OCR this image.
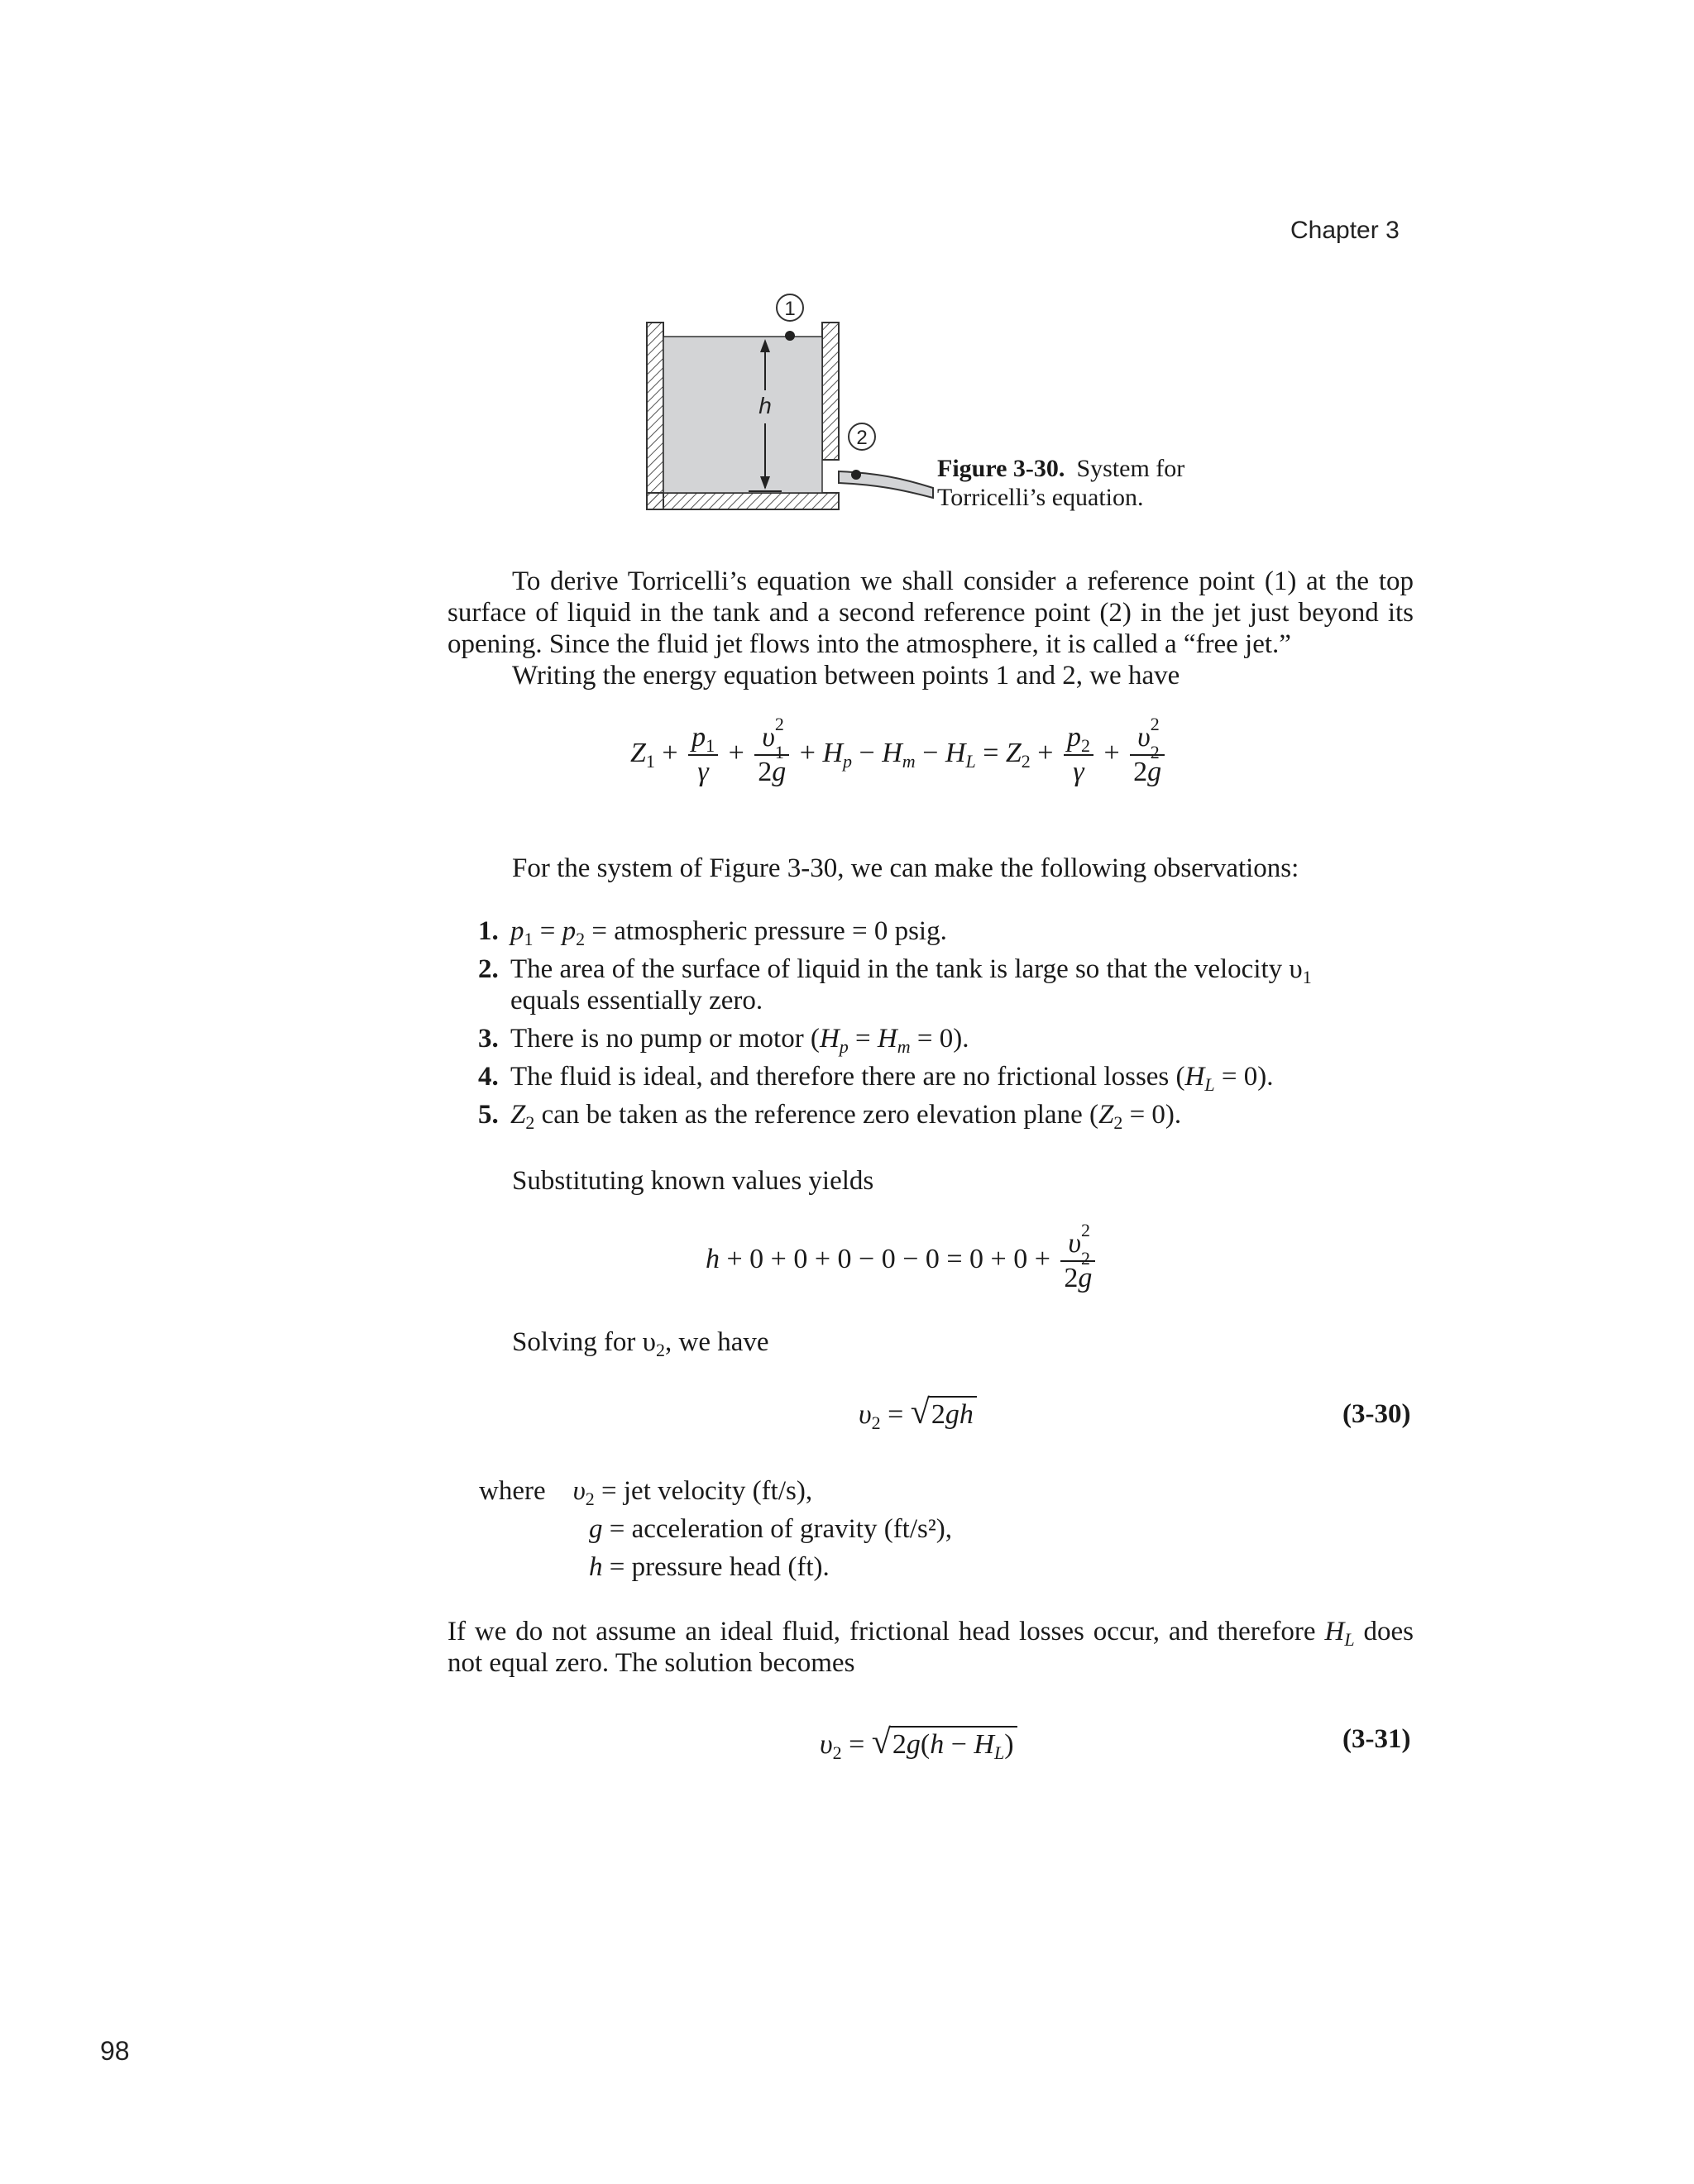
Chapter 3
h
1
2
Figure 3-30. System for Torricelli’s equation.
To derive Torricelli’s equation we shall consider a reference point (1) at the top surface of liquid in the tank and a second reference point (2) in the jet just beyond its opening. Since the fluid jet flows into the atmosphere, it is called a “free jet.”
Writing the energy equation between points 1 and 2, we have
$Z_1 + \frac{p_1}{\gamma} + \upsilon$ 2
1

$2g + H_p - H_m - H_L = Z_2 + \frac{p_2}{\gamma} + \upsilon$ 2
2

2g
For the system of Figure 3-30, we can make the following observations:
1. $p_1 = p_2$ = atmospheric pressure = 0 psig.
2. The area of the surface of liquid in the tank is large so that the velocity $\upsilon_1$
equals essentially zero.
3. There is no pump or motor $(H_p = H_m = 0)$.
4. The fluid is ideal, and therefore there are no frictional losses $(H_L = 0)$.
5. $Z_2$ can be taken as the reference zero elevation plane $(Z_2 = 0)$.
Substituting known values yields
h + 0 + 0 + 0 − 0 − 0 = 0 + 0 + υ 2
2

2g
Solving for $\upsilon_2$, we have
$\upsilon_2 = √2gh$	(3-30)
where $\upsilon_2$ = jet velocity (ft/s),
g = acceleration of gravity (ft/s²),
h = pressure head (ft).
If we do not assume an ideal fluid, frictional head losses occur, and therefore $H_L$ does not equal zero. The solution becomes
$\upsilon_2 = √2g(h - H_L)$	(3-31)
98
